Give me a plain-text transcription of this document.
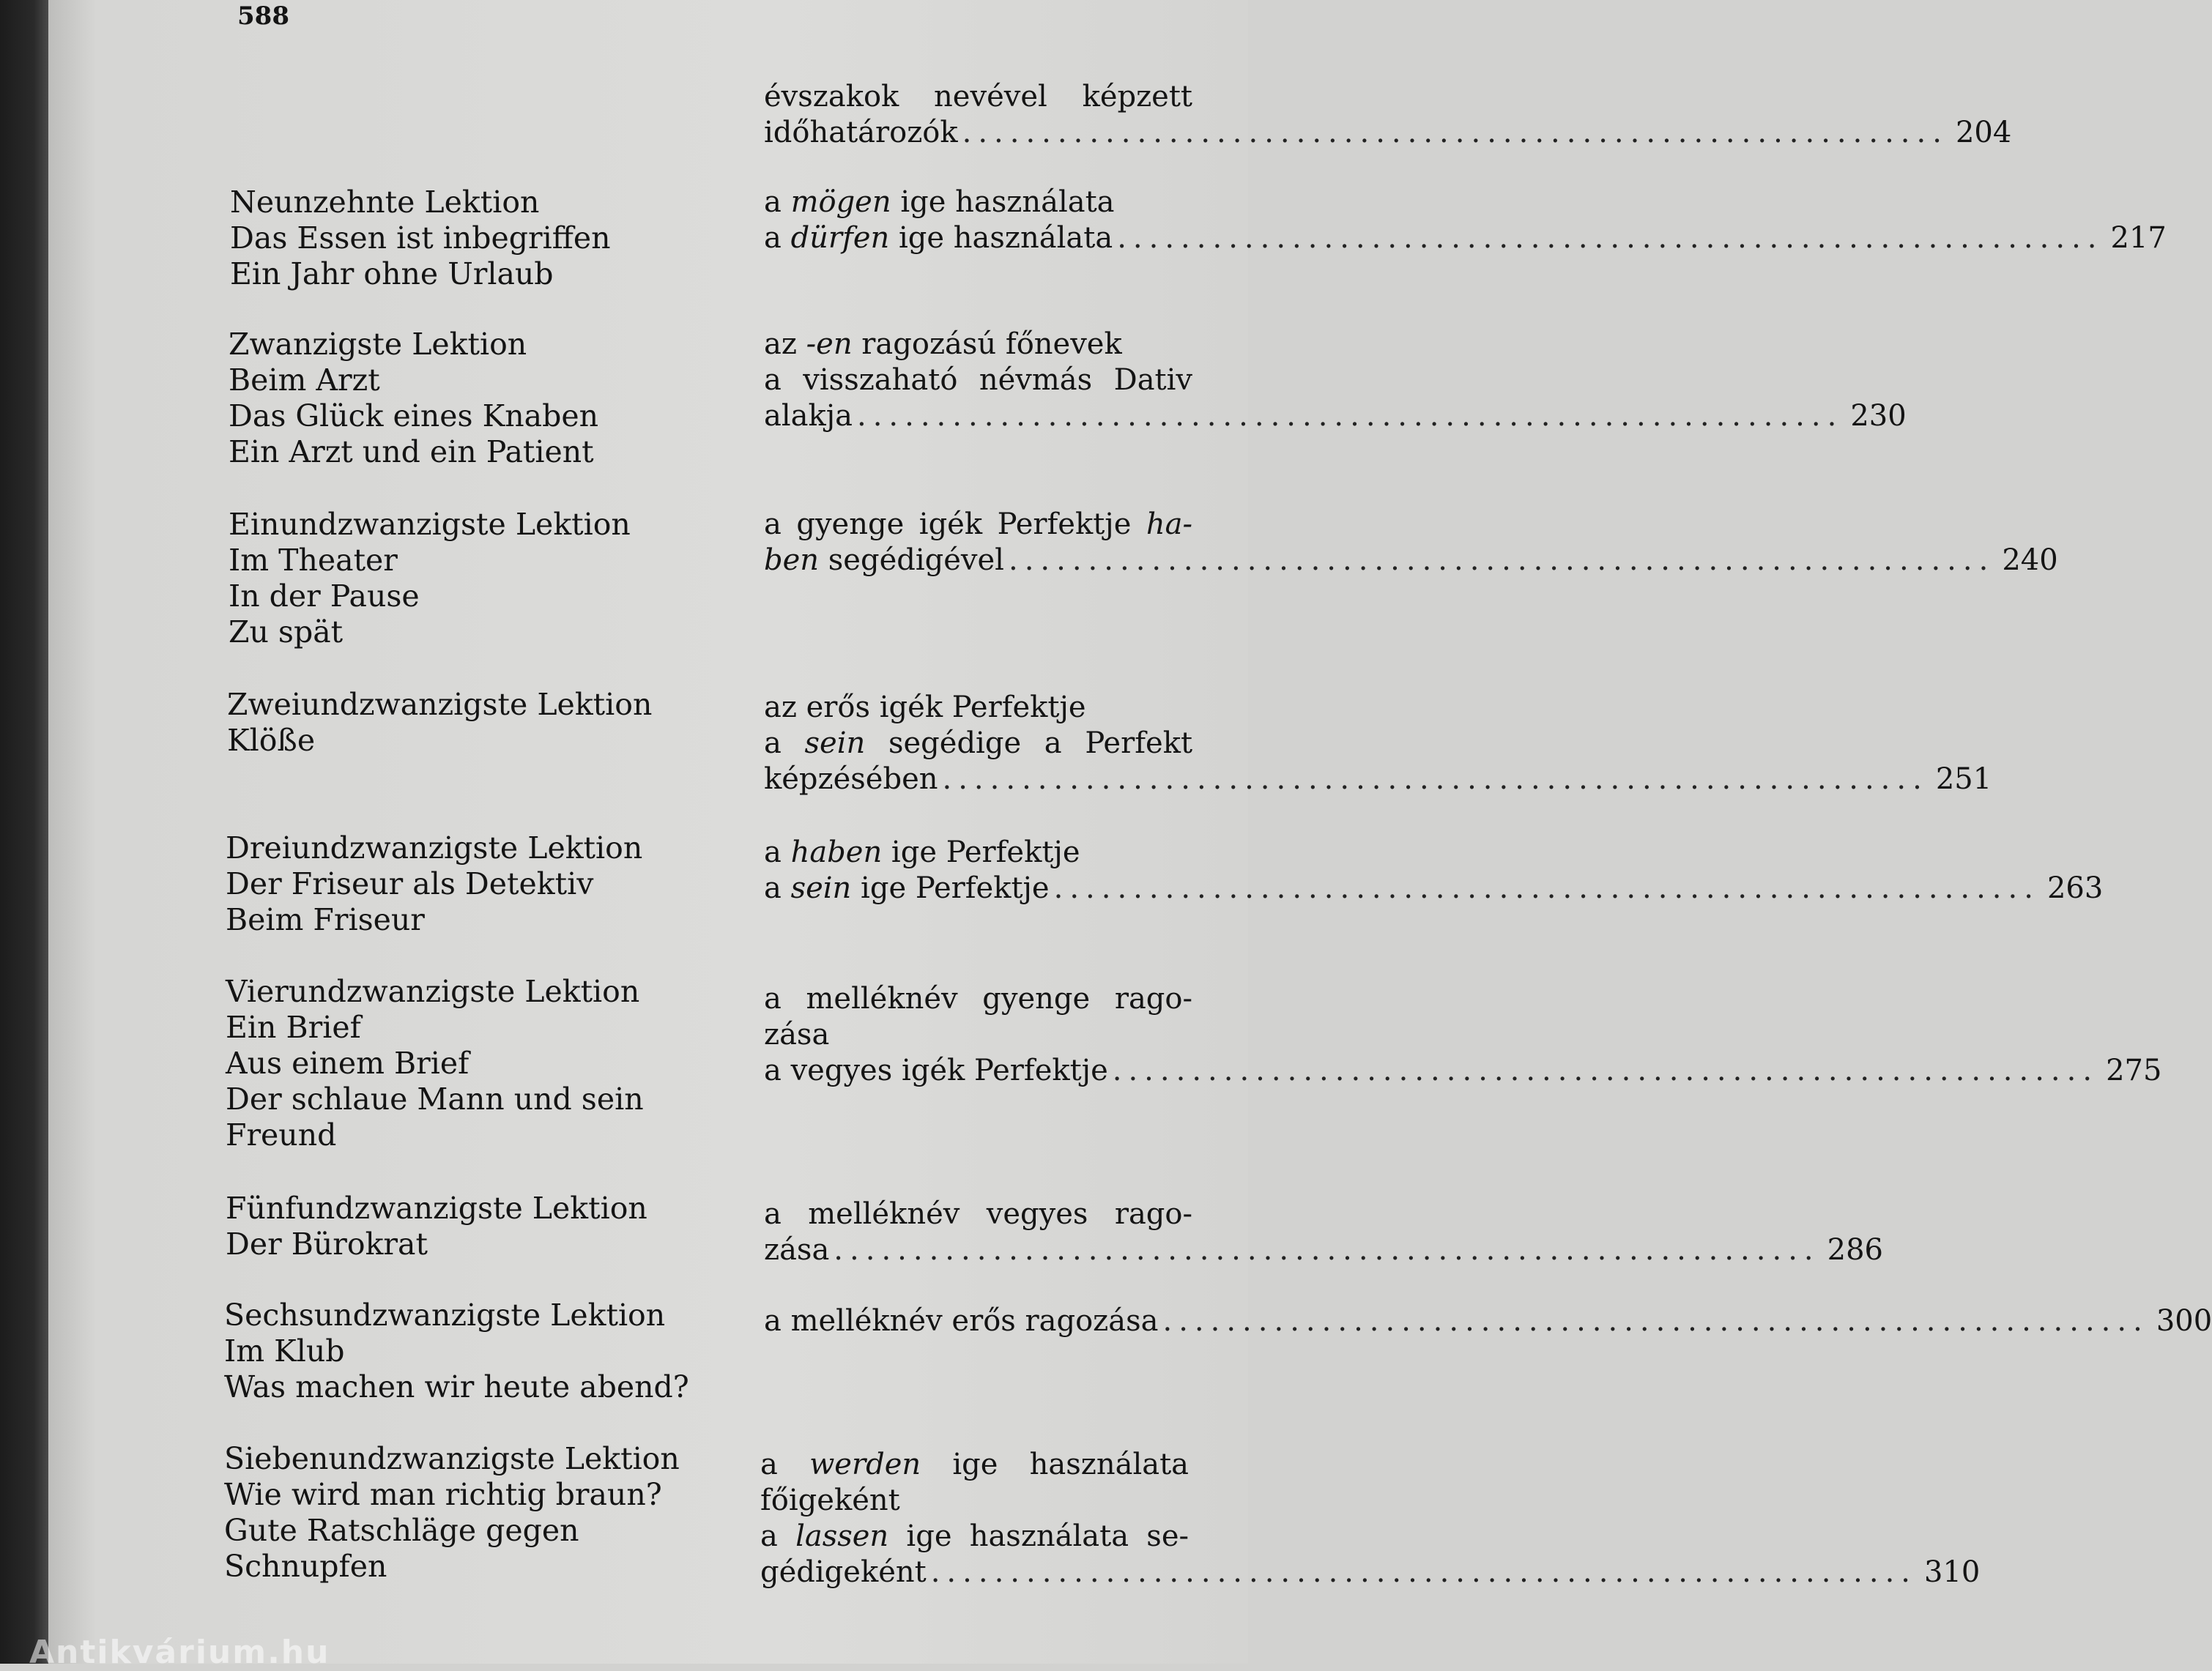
588
évszakok nevével képzett
időhatározók .............................................................. 204
Neunzehnte Lektion
Das Essen ist inbegriffen
Ein Jahr ohne Urlaub
a mögen ige használata
a dürfen ige használata .............................................................. 217
Zwanzigste Lektion
Beim Arzt
Das Glück eines Knaben
Ein Arzt und ein Patient
az -en ragozású főnevek
a visszaható névmás Dativ
alakja .............................................................. 230
Einundzwanzigste Lektion
Im Theater
In der Pause
Zu spät
a gyenge igék Perfektje ha-
ben segédigével .............................................................. 240
Zweiundzwanzigste Lektion
Klöße
az erős igék Perfektje
a sein segédige a Perfekt
képzésében .............................................................. 251
Dreiundzwanzigste Lektion
Der Friseur als Detektiv
Beim Friseur
a haben ige Perfektje
a sein ige Perfektje .............................................................. 263
Vierundzwanzigste Lektion
Ein Brief
Aus einem Brief
Der schlaue Mann und sein
Freund
a melléknév gyenge rago-
zása
a vegyes igék Perfektje .............................................................. 275
Fünfundzwanzigste Lektion
Der Bürokrat
a melléknév vegyes rago-
zása .............................................................. 286
Sechsundzwanzigste Lektion
Im Klub
Was machen wir heute abend?
a melléknév erős ragozása .............................................................. 300
Siebenundzwanzigste Lektion
Wie wird man richtig braun?
Gute Ratschläge gegen
Schnupfen
a werden ige használata
főigeként
a lassen ige használata se-
gédigeként .............................................................. 310
Antikvárium.hu
